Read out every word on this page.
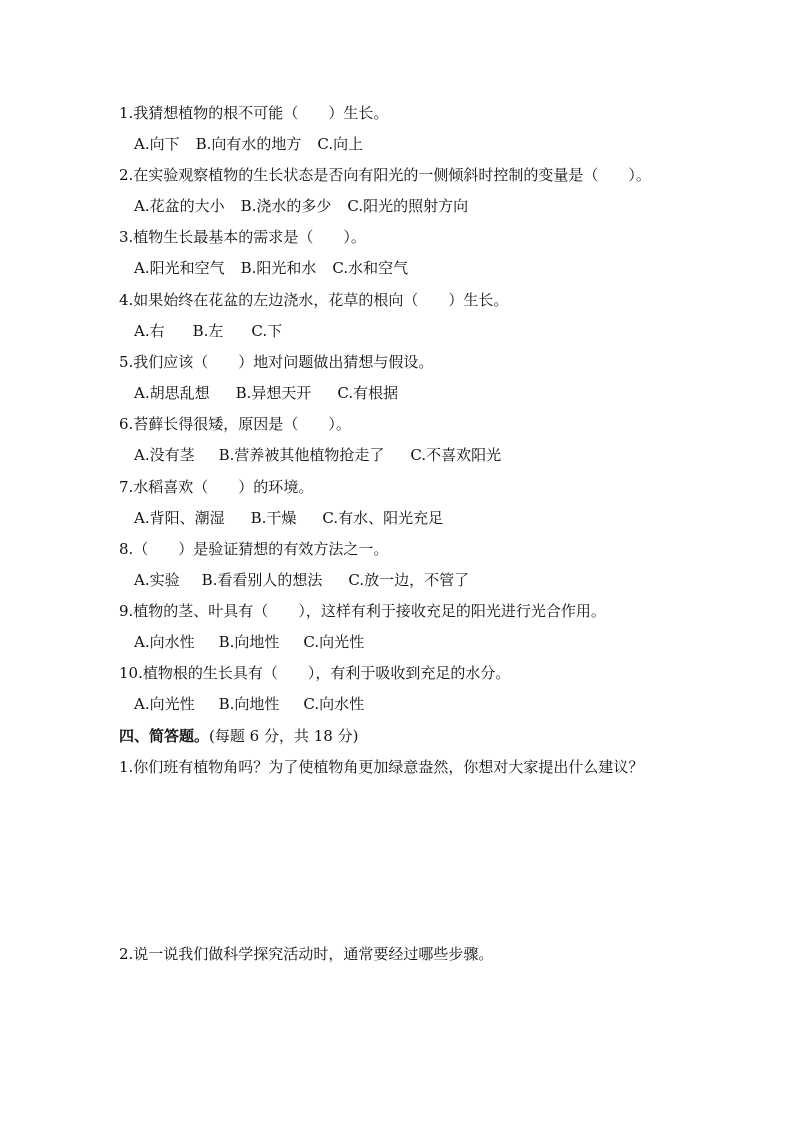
1.我猜想植物的根不可能（　　）生长。
A.向下 B.向有水的地方 C.向上
2.在实验观察植物的生长状态是否向有阳光的一侧倾斜时控制的变量是（　　）。
A.花盆的大小 B.浇水的多少 C.阳光的照射方向
3.植物生长最基本的需求是（　　）。
A.阳光和空气 B.阳光和水 C.水和空气
4.如果始终在花盆的左边浇水，花草的根向（　　）生长。
A.右 B.左 C.下
5.我们应该（　　）地对问题做出猜想与假设。
A.胡思乱想 B.异想天开 C.有根据
6.苔藓长得很矮，原因是（　　）。
A.没有茎 B.营养被其他植物抢走了 C.不喜欢阳光
7.水稻喜欢（　　）的环境。
A.背阳、潮湿 B.干燥 C.有水、阳光充足
8.（　　）是验证猜想的有效方法之一。
A.实验 B.看看别人的想法 C.放一边，不管了
9.植物的茎、叶具有（　　），这样有利于接收充足的阳光进行光合作用。
A.向水性 B.向地性 C.向光性
10.植物根的生长具有（　　），有利于吸收到充足的水分。
A.向光性 B.向地性 C.向水性
四、简答题。(每题 6 分，共 18 分)
1.你们班有植物角吗？为了使植物角更加绿意盎然，你想对大家提出什么建议？
2.说一说我们做科学探究活动时，通常要经过哪些步骤。
